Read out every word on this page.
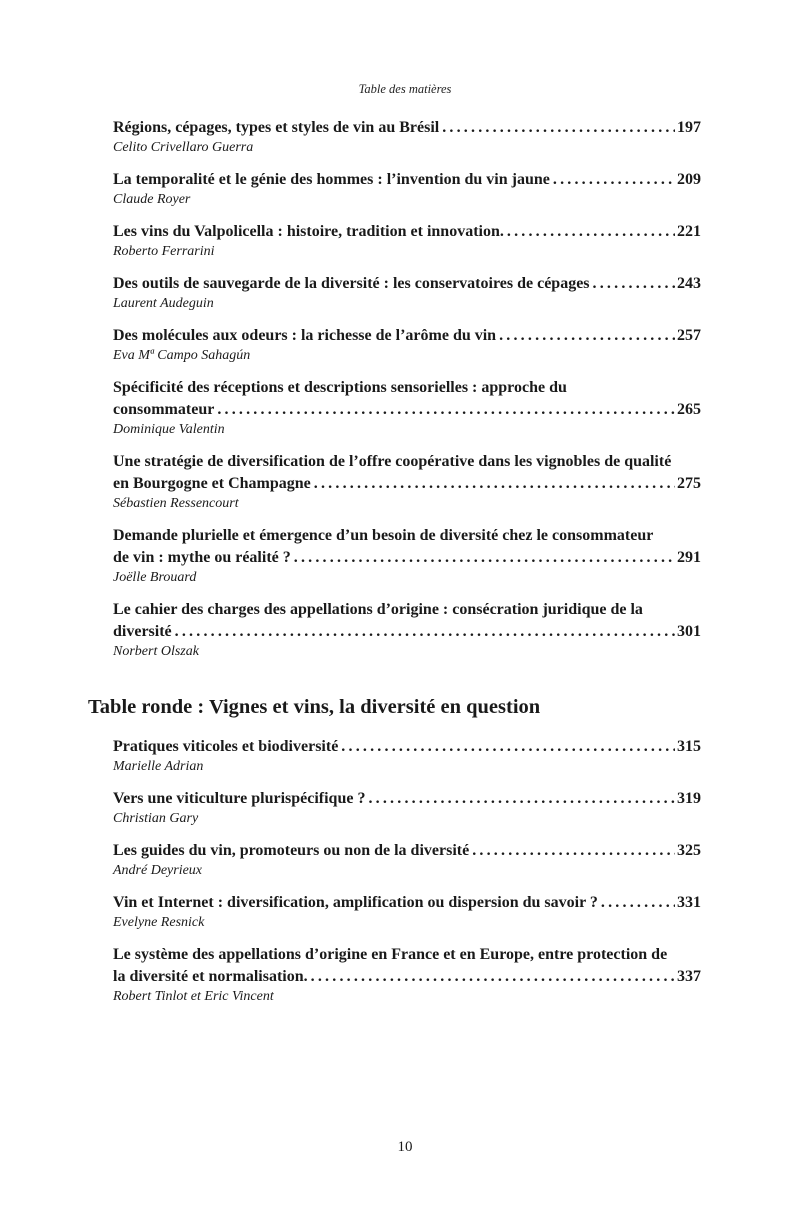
Table des matières
Régions, cépages, types et styles de vin au Brésil .....	197
Celito Crivellaro Guerra
La temporalité et le génie des hommes : l’invention du vin jaune .....	209
Claude Royer
Les vins du Valpolicella : histoire, tradition et innovation. .....	221
Roberto Ferrarini
Des outils de sauvegarde de la diversité : les conservatoires de cépages .....	243
Laurent Audeguin
Des molécules aux odeurs : la richesse de l’arôme du vin .....	257
Eva Mª Campo Sahagún
Spécificité des réceptions et descriptions sensorielles : approche du
consommateur .....	265
Dominique Valentin
Une stratégie de diversification de l’offre coopérative dans les vignobles de qualité
en Bourgogne et Champagne .....	275
Sébastien Ressencourt
Demande plurielle et émergence d’un besoin de diversité chez le consommateur
de vin : mythe ou réalité ? .....	291
Joëlle Brouard
Le cahier des charges des appellations d’origine : consécration juridique de la
diversité .....	301
Norbert Olszak
Table ronde : Vignes et vins, la diversité en question
Pratiques viticoles et biodiversité .....	315
Marielle Adrian
Vers une viticulture plurispécifique ? .....	319
Christian Gary
Les guides du vin, promoteurs ou non de la diversité .....	325
André Deyrieux
Vin et Internet : diversification, amplification ou dispersion du savoir ? .....	331
Evelyne Resnick
Le système des appellations d’origine en France et en Europe, entre protection de
la diversité et normalisation. .....	337
Robert Tinlot et Eric Vincent
10
